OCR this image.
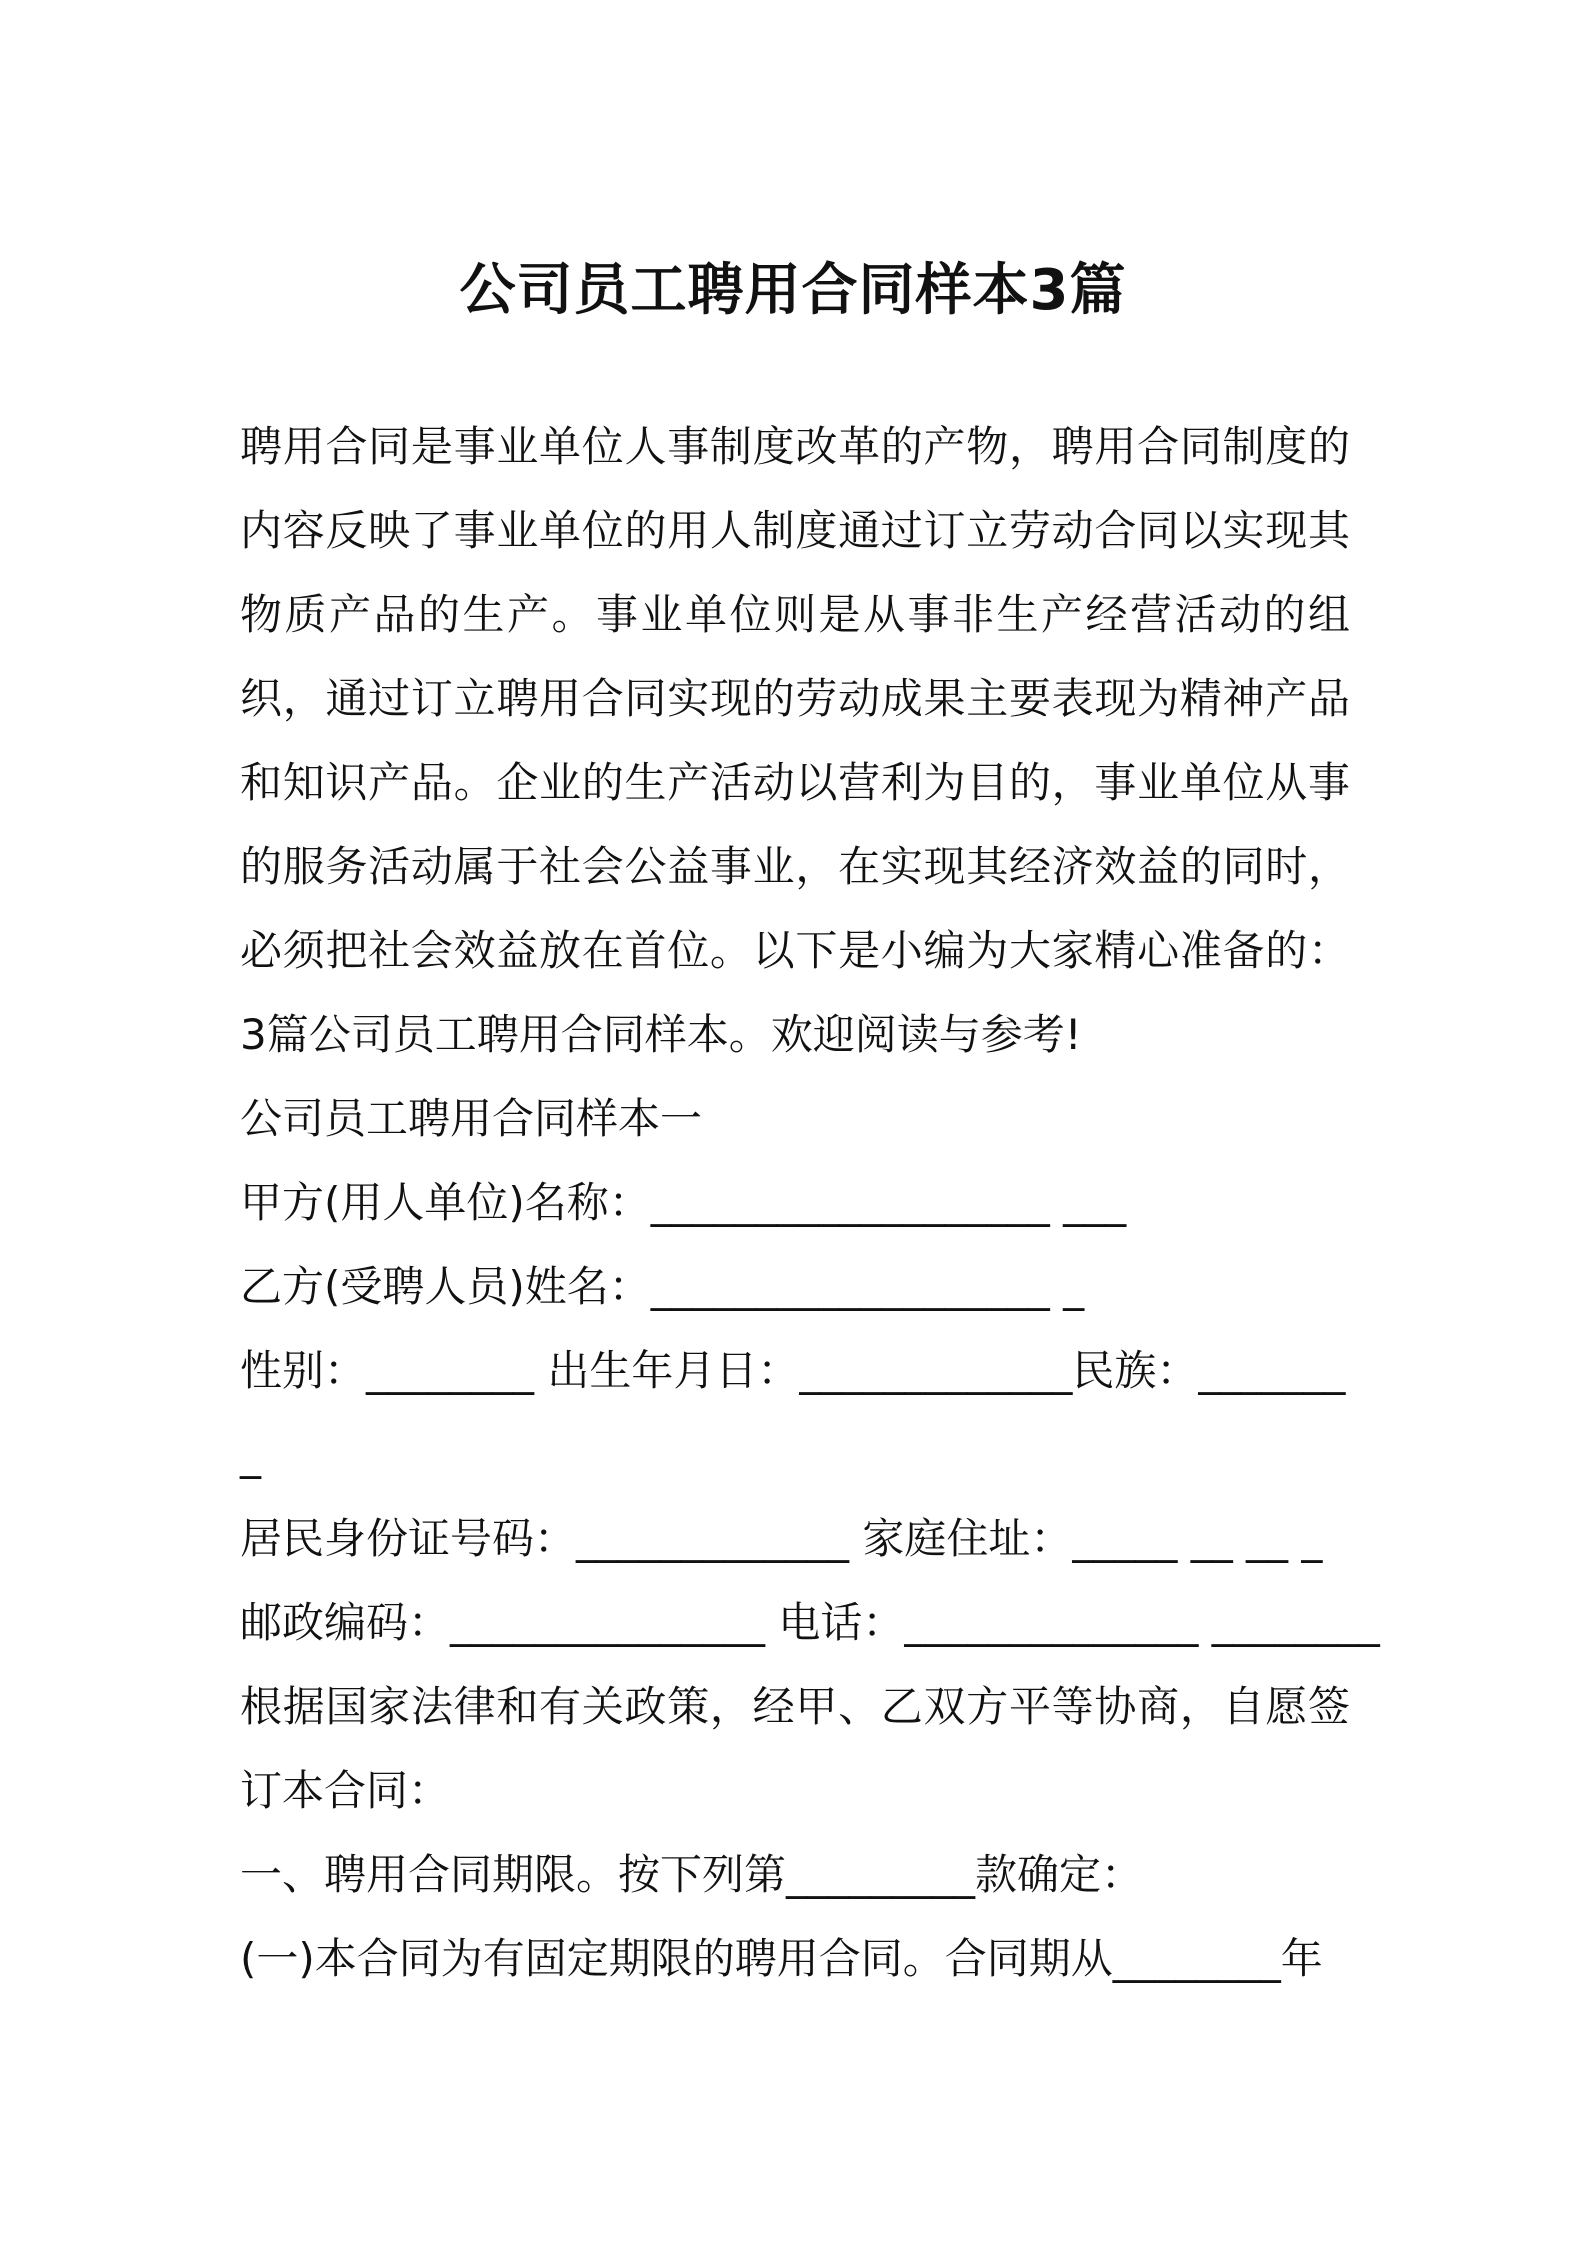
公司员工聘用合同样本3篇

聘用合同是事业单位人事制度改革的产物，聘用合同制度的内容反映了事业单位的用人制度通过订立劳动合同以实现其物质产品的生产。事业单位则是从事非生产经营活动的组织，通过订立聘用合同实现的劳动成果主要表现为精神产品和知识产品。企业的生产活动以营利为目的，事业单位从事的服务活动属于社会公益事业，在实现其经济效益的同时，必须把社会效益放在首位。以下是小编为大家精心准备的：3篇公司员工聘用合同样本。欢迎阅读与参考!

公司员工聘用合同样本一
甲方(用人单位)名称：___________________ ___
乙方(受聘人员)姓名：___________________ _
性别：________ 出生年月日：_____________民族：________
居民身份证号码：_____________ 家庭住址：_____ __ __ _
邮政编码：_______________ 电话：______________ ________

根据国家法律和有关政策，经甲、乙双方平等协商，自愿签订本合同：

一、聘用合同期限。按下列第_________款确定：
(一)本合同为有固定期限的聘用合同。合同期从________年
